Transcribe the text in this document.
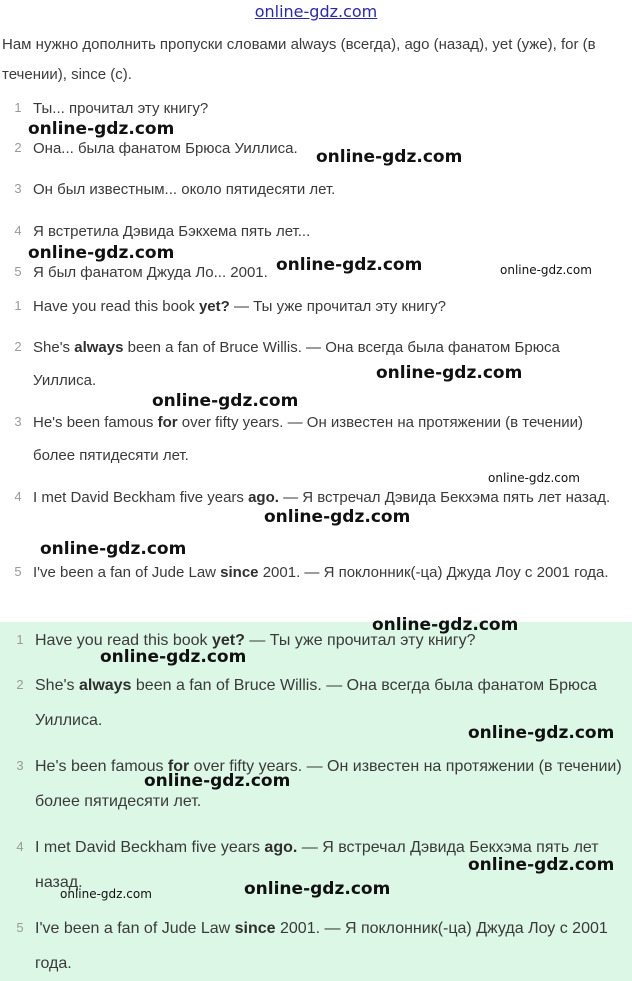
online-gdz.com
Нам нужно дополнить пропуски словами always (всегда), ago (назад), yet (уже), for (в течении), since (с).
1 Ты... прочитал эту книгу?
2 Она... была фанатом Брюса Уиллиса.
3 Он был известным... около пятидесяти лет.
4 Я встретила Дэвида Бэкхема пять лет...
5 Я был фанатом Джуда Ло... 2001.
1 Have you read this book yet? — Ты уже прочитал эту книгу?
2 She's always been a fan of Bruce Willis. — Она всегда была фанатом Брюса Уиллиса.
3 He's been famous for over fifty years. — Он известен на протяжении (в течении) более пятидесяти лет.
4 I met David Beckham five years ago. — Я встречал Дэвида Бекхэма пять лет назад.
5 I've been a fan of Jude Law since 2001. — Я поклонник(-ца) Джуда Лоу с 2001 года.
1 Have you read this book yet? — Ты уже прочитал эту книгу?
2 She's always been a fan of Bruce Willis. — Она всегда была фанатом Брюса Уиллиса.
3 He's been famous for over fifty years. — Он известен на протяжении (в течении) более пятидесяти лет.
4 I met David Beckham five years ago. — Я встречал Дэвида Бекхэма пять лет назад.
5 I've been a fan of Jude Law since 2001. — Я поклонник(-ца) Джуда Лоу с 2001 года.
online-gdz.com
online-gdz.com
online-gdz.com
online-gdz.com	online-gdz.com
online-gdz.com
online-gdz.com
online-gdz.com
online-gdz.com
online-gdz.com
online-gdz.com
online-gdz.com
online-gdz.com
online-gdz.com
online-gdz.com
online-gdz.com
online-gdz.com
